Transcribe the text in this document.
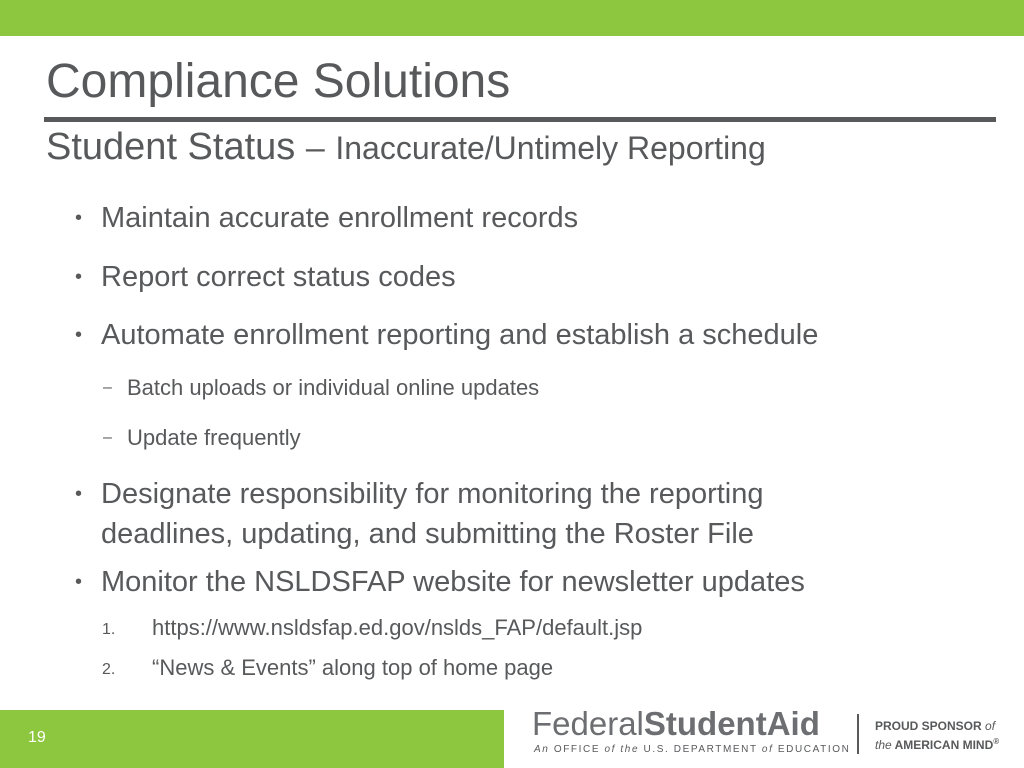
Compliance Solutions
Student Status – Inaccurate/Untimely Reporting
• Maintain accurate enrollment records
• Report correct status codes
• Automate enrollment reporting and establish a schedule
– Batch uploads or individual online updates
– Update frequently
• Designate responsibility for monitoring the reporting
deadlines, updating, and submitting the Roster File
• Monitor the NSLDSFAP website for newsletter updates
1. https://www.nsldsfap.ed.gov/nslds_FAP/default.jsp
2. “News & Events” along top of home page
19	FederalStudentAid
An OFFICE of the U.S. DEPARTMENT of EDUCATION
PROUD SPONSOR of
the AMERICAN MIND®
